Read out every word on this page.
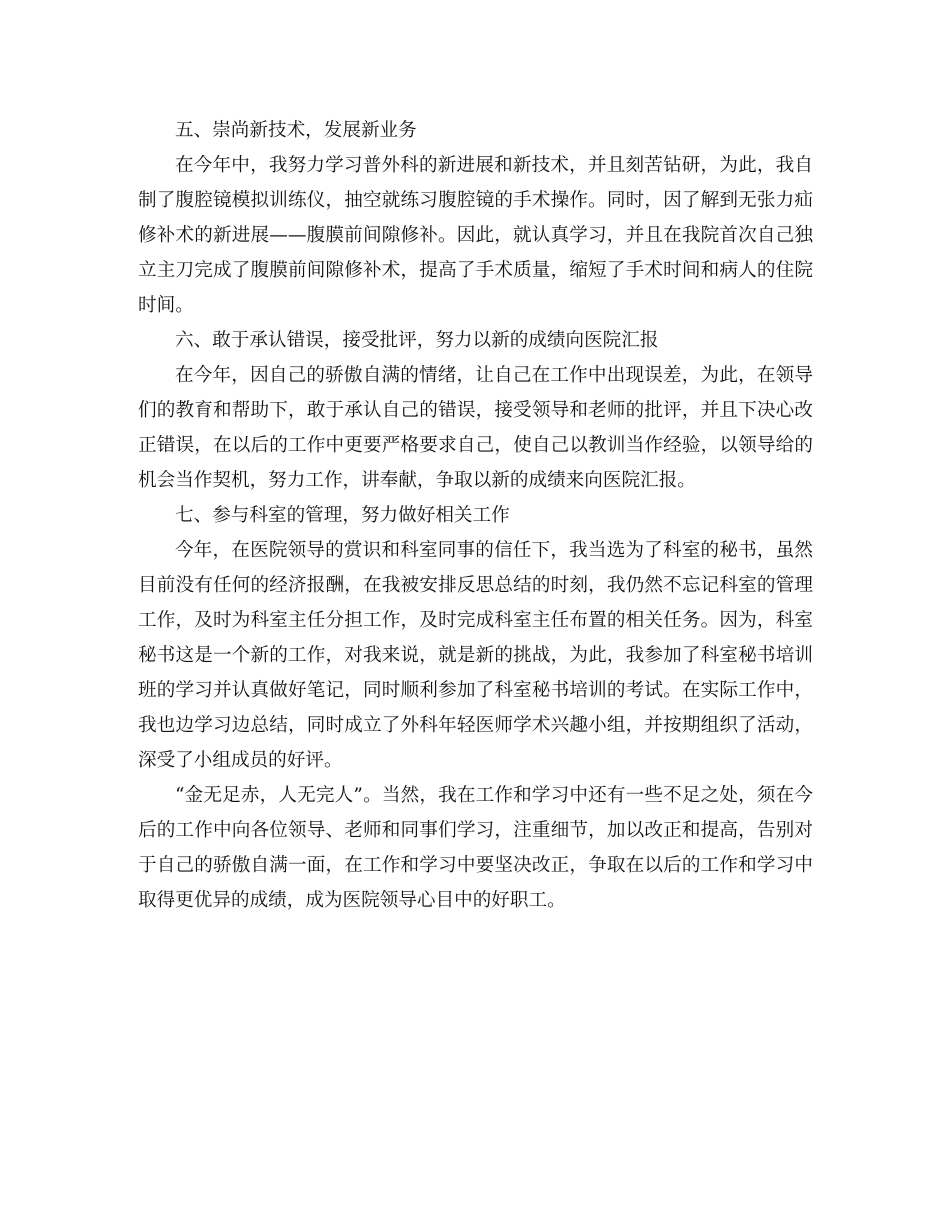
五、崇尚新技术，发展新业务

在今年中，我努力学习普外科的新进展和新技术，并且刻苦钻研，为此，我自制了腹腔镜模拟训练仪，抽空就练习腹腔镜的手术操作。同时，因了解到无张力疝修补术的新进展——腹膜前间隙修补。因此，就认真学习，并且在我院首次自己独立主刀完成了腹膜前间隙修补术，提高了手术质量，缩短了手术时间和病人的住院时间。

六、敢于承认错误，接受批评，努力以新的成绩向医院汇报

在今年，因自己的骄傲自满的情绪，让自己在工作中出现误差，为此，在领导们的教育和帮助下，敢于承认自己的错误，接受领导和老师的批评，并且下决心改正错误，在以后的工作中更要严格要求自己，使自己以教训当作经验，以领导给的机会当作契机，努力工作，讲奉献，争取以新的成绩来向医院汇报。

七、参与科室的管理，努力做好相关工作

今年，在医院领导的赏识和科室同事的信任下，我当选为了科室的秘书，虽然目前没有任何的经济报酬，在我被安排反思总结的时刻，我仍然不忘记科室的管理工作，及时为科室主任分担工作，及时完成科室主任布置的相关任务。因为，科室秘书这是一个新的工作，对我来说，就是新的挑战，为此，我参加了科室秘书培训班的学习并认真做好笔记，同时顺利参加了科室秘书培训的考试。在实际工作中，我也边学习边总结，同时成立了外科年轻医师学术兴趣小组，并按期组织了活动，深受了小组成员的好评。

“金无足赤，人无完人”。当然，我在工作和学习中还有一些不足之处，须在今后的工作中向各位领导、老师和同事们学习，注重细节，加以改正和提高，告别对于自己的骄傲自满一面，在工作和学习中要坚决改正，争取在以后的工作和学习中取得更优异的成绩，成为医院领导心目中的好职工。
